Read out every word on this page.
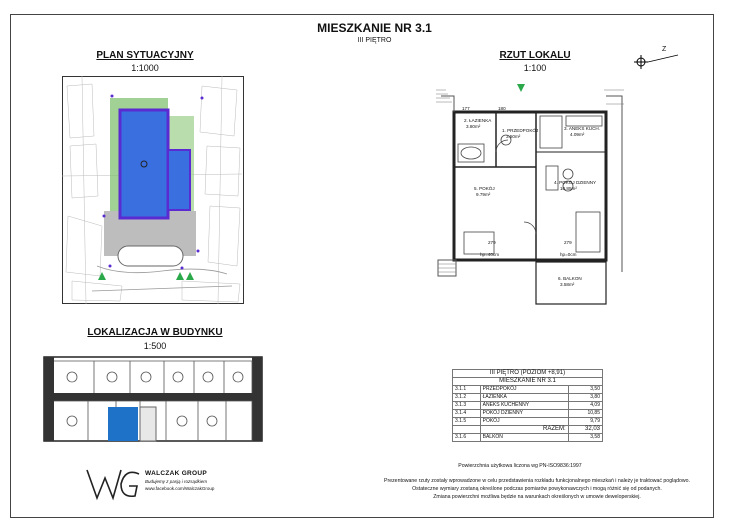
MIESZKANIE NR 3.1
III PIĘTRO
PLAN SYTUACYJNY
1:1000
RZUT LOKALU
1:100
Z
2. ŁAZIENKA
3.80m²
1. PRZEDPOKÓJ
3.50m²
3. ANEKS KUCH.
4.09m²
5. POKÓJ
9.79m²
4. POKÓJ DZIENNY
10.85m²
6. BALKON
3.58m²
177	180
279	279
hp=40cm	hp=0cm
LOKALIZACJA W BUDYNKU
1:500
III PIĘTRO (POZIOM +8,91)		
MIESZKANIE NR 3.1		
3.1.1	PRZEDPOKÓJ	3,50
3.1.2	ŁAZIENKA	3,80
3.1.3	ANEKS KUCHENNY	4,09
3.1.4	POKÓJ DZIENNY	10,85
3.1.5	POKÓJ	9,79
	RAZEM:	32,03
3.1.6	BALKON	3,58
Powierzchnia użytkowa liczona wg PN-ISO9836:1997
Prezentowane rzuty zostały wprowadzone w celu przedstawienia rozkładu funkcjonalnego mieszkań i należy je traktować poglądowo.
Ostateczne wymiary zostaną określone podczas pomiarów powykonawczych i mogą różnić się od podanych.
Zmiana powierzchni możliwa będzie na warunkach określonych w umowie deweloperskiej.
WALCZAK GROUP
Budujemy z pasją i rozsądkiem
www.facebook.com/WalczakGroup
